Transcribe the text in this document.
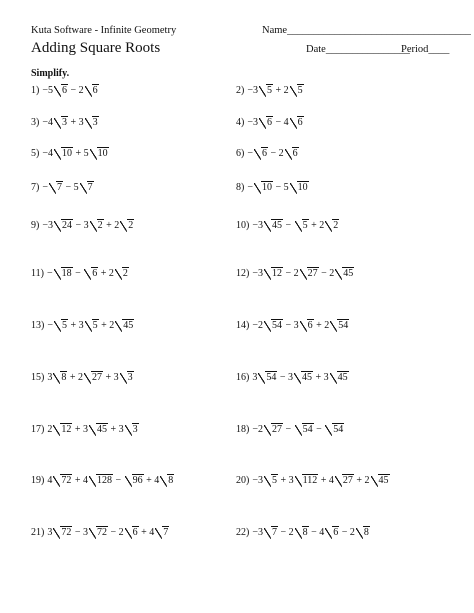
Kuta Software - Infinite Geometry	Name___________________________________
Adding Square Roots	Date________________
Period____
Simplify.
1) −5 6 − 2 6	2) −3 5 + 2 5
3) −4 3 + 3 3	4) −3 6 − 4 6
5) −4 10 + 5 10	6) − 6 − 2 6
7) − 7 − 5 7	8) − 10 − 5 10
9) −3 24 − 3 2 + 2 2	10) −3 45 − 5 + 2 2
11) − 18 − 6 + 2 2	12) −3 12 − 2 27 − 2 45
13) − 5 + 3 5 + 2 45	14) −2 54 − 3 6 + 2 54
15) 3 8 + 2 27 + 3 3	16) 3 54 − 3 45 + 3 45
17) 2 12 + 3 45 + 3 3	18) −2 27 − 54 − 54
19) 4 72 + 4 128 − 96 + 4 8	20) −3 5 + 3 112 + 4 27 + 2 45
21) 3 72 − 3 72 − 2 6 + 4 7	22) −3 7 − 2 8 − 4 6 − 2 8
